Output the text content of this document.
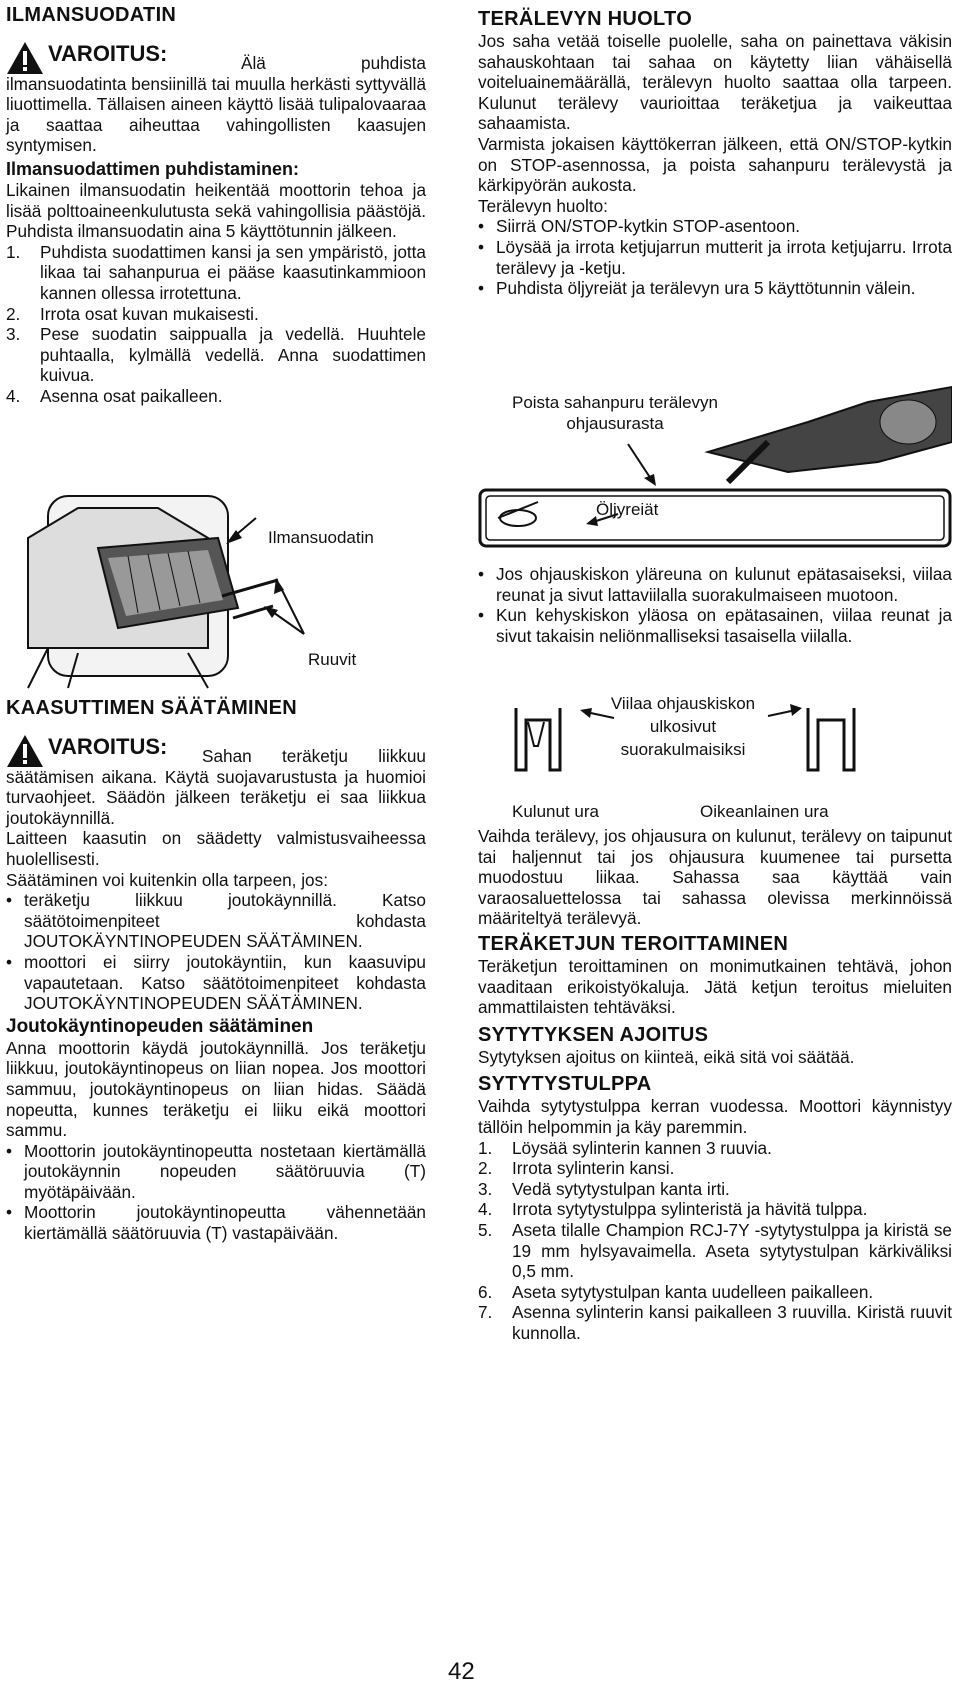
ILMANSUODATIN
VAROITUS:	Älä puhdista ilmansuodatinta bensiinillä tai muulla herkästi syttyvällä liuottimella. Tällaisen aineen käyttö lisää tulipalovaaraa ja saattaa aiheuttaa vahingollisten kaasujen syntymisen.

Ilmansuodattimen puhdistaminen:

Likainen ilmansuodatin heikentää moottorin tehoa ja lisää polttoaineenkulutusta sekä vahingollisia päästöjä. Puhdista ilmansuodatin aina 5 käyttötunnin jälkeen.

1. Puhdista suodattimen kansi ja sen ympäristö, jotta likaa tai sahanpurua ei pääse kaasutinkammioon kannen ollessa irrotettuna.
2. Irrota osat kuvan mukaisesti.
3. Pese suodatin saippualla ja vedellä. Huuhtele puhtaalla, kylmällä vedellä. Anna suodattimen kuivua.
4. Asenna osat paikalleen.
Ilmansuodatin
Ruuvit
KAASUTTIMEN SÄÄTÄMINEN
VAROITUS:	Sahan teräketju liikkuu säätämisen aikana. Käytä suojavarustusta ja huomioi turvaohjeet. Säädön jälkeen teräketju ei saa liikkua joutokäynnillä.

Laitteen kaasutin on säädetty valmistusvaiheessa huolellisesti.

Säätäminen voi kuitenkin olla tarpeen, jos:

• teräketju liikkuu joutokäynnillä. Katso säätötoimenpiteet kohdasta JOUTOKÄYNTINOPEUDEN SÄÄTÄMINEN.
• moottori ei siirry joutokäyntiin, kun kaasuvipu vapautetaan. Katso säätötoimenpiteet kohdasta JOUTOKÄYNTINOPEUDEN SÄÄTÄMINEN.

Joutokäyntinopeuden säätäminen

Anna moottorin käydä joutokäynnillä. Jos teräketju liikkuu, joutokäyntinopeus on liian nopea. Jos moottori sammuu, joutokäyntinopeus on liian hidas. Säädä nopeutta, kunnes teräketju ei liiku eikä moottori sammu.

• Moottorin joutokäyntinopeutta nostetaan kiertämällä joutokäynnin nopeuden säätöruuvia (T) myötäpäivään.
• Moottorin joutokäyntinopeutta vähennetään kiertämällä säätöruuvia (T) vastapäivään.
TERÄLEVYN HUOLTO

Jos saha vetää toiselle puolelle, saha on painettava väkisin sahauskohtaan tai sahaa on käytetty liian vähäisellä voiteluainemäärällä, terälevyn huolto saattaa olla tarpeen. Kulunut terälevy vaurioittaa teräketjua ja vaikeuttaa sahaamista.

Varmista jokaisen käyttökerran jälkeen, että ON/STOP-kytkin on STOP-asennossa, ja poista sahanpuru terälevystä ja kärkipyörän aukosta.

Terälevyn huolto:

• Siirrä ON/STOP-kytkin STOP-asentoon.
• Löysää ja irrota ketjujarrun mutterit ja irrota ketjujarru. Irrota terälevy ja -ketju.
• Puhdista öljyreiät ja terälevyn ura 5 käyttötunnin välein.
Poista sahanpuru terälevyn ohjausurasta
Öljyreiät
• Jos ohjauskiskon yläreuna on kulunut epätasaiseksi, viilaa reunat ja sivut lattaviilalla suorakulmaiseen muotoon.
• Kun kehyskiskon yläosa on epätasainen, viilaa reunat ja sivut takaisin neliönmalliseksi tasaisella viilalla.
Viilaa ohjauskiskon ulkosivut suorakulmaisiksi
Kulunut ura	Oikeanlainen ura

Vaihda terälevy, jos ohjausura on kulunut, terälevy on taipunut tai haljennut tai jos ohjausura kuumenee tai pursetta muodostuu liikaa. Sahassa saa käyttää vain varaosaluettelossa tai sahassa olevissa merkinnöissä määriteltyä terälevyä.

TERÄKETJUN TEROITTAMINEN

Teräketjun teroittaminen on monimutkainen tehtävä, johon vaaditaan erikoistyökaluja. Jätä ketjun teroitus mieluiten ammattilaisten tehtäväksi.

SYTYTYKSEN AJOITUS

Sytytyksen ajoitus on kiinteä, eikä sitä voi säätää.

SYTYTYSTULPPA

Vaihda sytytystulppa kerran vuodessa. Moottori käynnistyy tällöin helpommin ja käy paremmin.

1. Löysää sylinterin kannen 3 ruuvia.
2. Irrota sylinterin kansi.
3. Vedä sytytystulpan kanta irti.
4. Irrota sytytystulppa sylinteristä ja hävitä tulppa.
5. Aseta tilalle Champion RCJ-7Y -sytytystulppa ja kiristä se 19 mm hylsyavaimella. Aseta sytytystulpan kärkiväliksi 0,5 mm.
6. Aseta sytytystulpan kanta uudelleen paikalleen.
7. Asenna sylinterin kansi paikalleen 3 ruuvilla. Kiristä ruuvit kunnolla.
42
